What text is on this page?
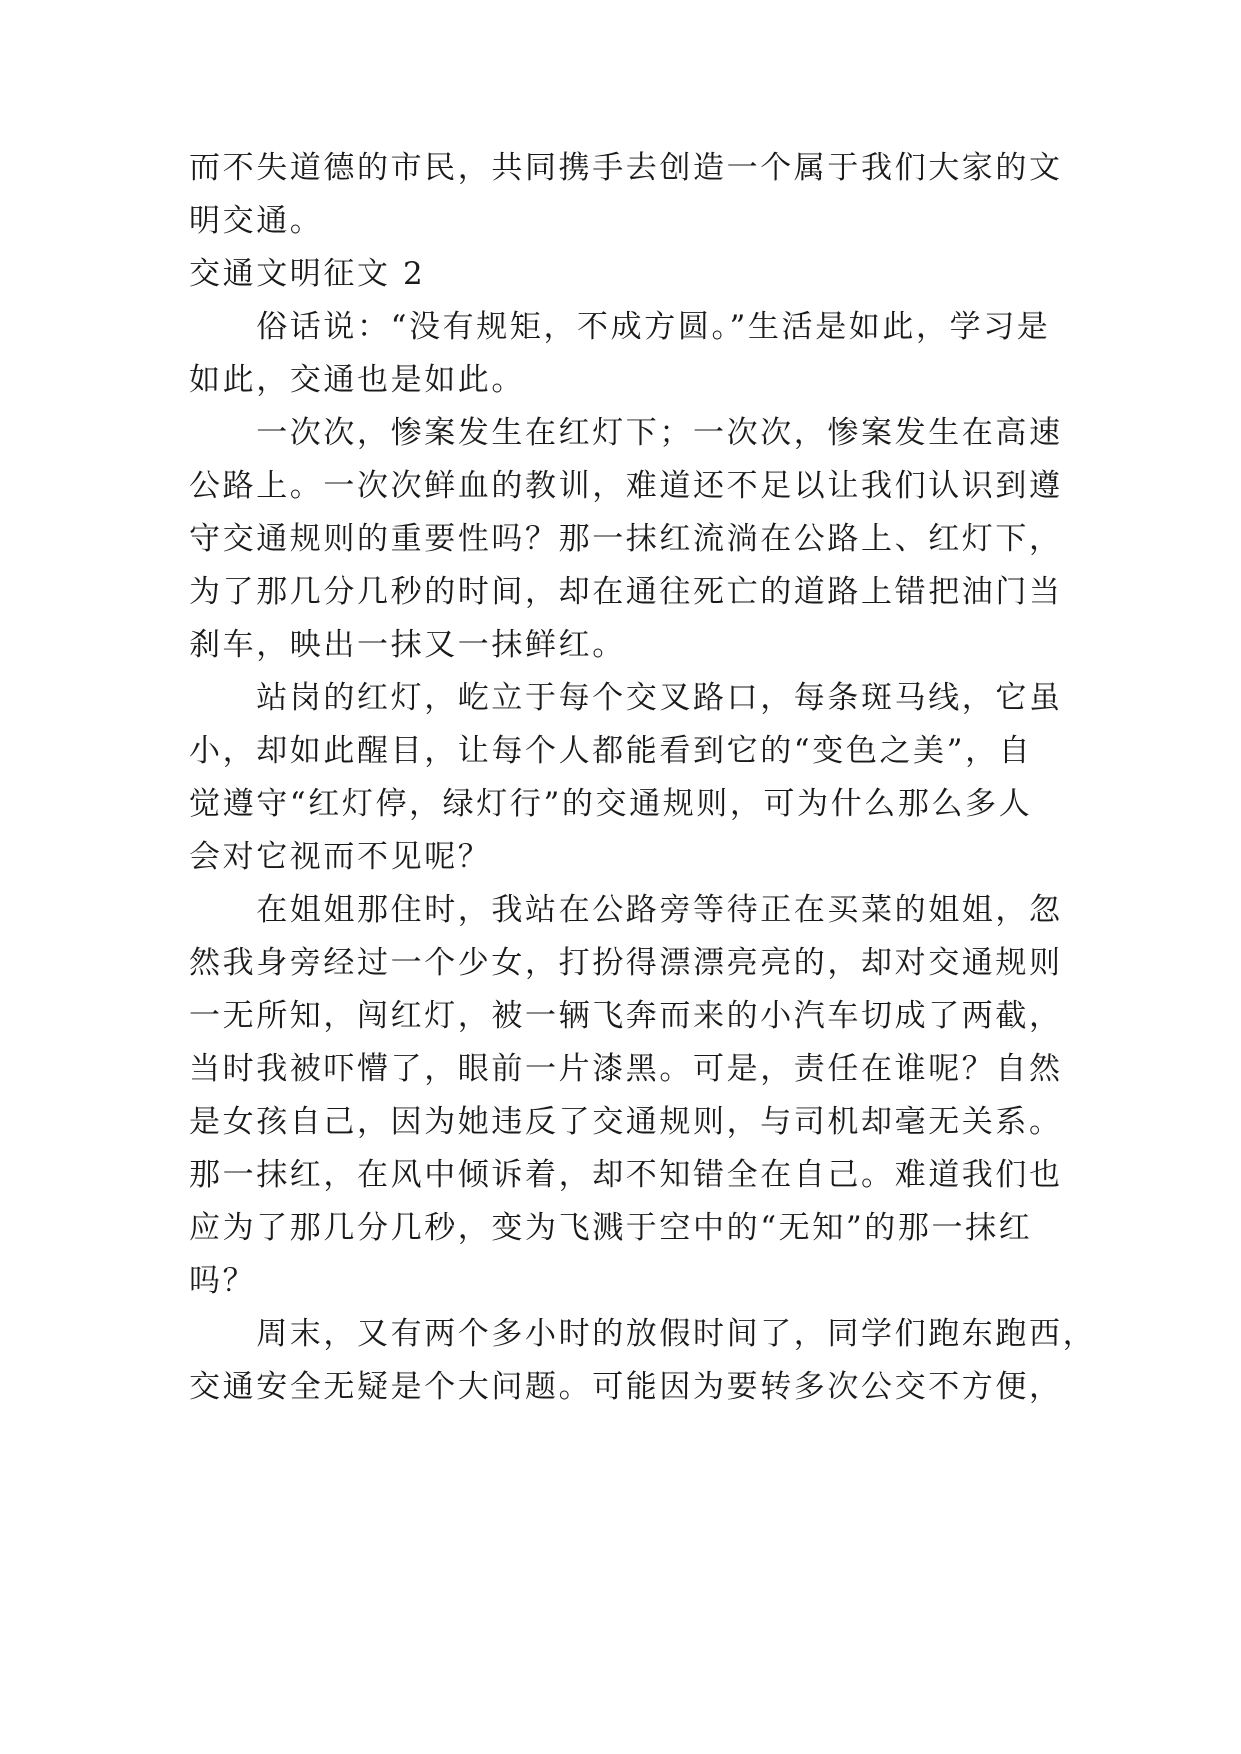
而不失道德的市民，共同携手去创造一个属于我们大家的文
明交通。
交通文明征文 2
　　俗话说：“没有规矩，不成方圆。”生活是如此，学习是
如此，交通也是如此。
　　一次次，惨案发生在红灯下；一次次，惨案发生在高速
公路上。一次次鲜血的教训，难道还不足以让我们认识到遵
守交通规则的重要性吗？那一抹红流淌在公路上、红灯下，
为了那几分几秒的时间，却在通往死亡的道路上错把油门当
刹车，映出一抹又一抹鲜红。
　　站岗的红灯，屹立于每个交叉路口，每条斑马线，它虽
小，却如此醒目，让每个人都能看到它的“变色之美”，自
觉遵守“红灯停，绿灯行”的交通规则，可为什么那么多人
会对它视而不见呢？
　　在姐姐那住时，我站在公路旁等待正在买菜的姐姐，忽
然我身旁经过一个少女，打扮得漂漂亮亮的，却对交通规则
一无所知，闯红灯，被一辆飞奔而来的小汽车切成了两截，
当时我被吓懵了，眼前一片漆黑。可是，责任在谁呢？自然
是女孩自己，因为她违反了交通规则，与司机却毫无关系。
那一抹红，在风中倾诉着，却不知错全在自己。难道我们也
应为了那几分几秒，变为飞溅于空中的“无知”的那一抹红
吗？
　　周末，又有两个多小时的放假时间了，同学们跑东跑西，
交通安全无疑是个大问题。可能因为要转多次公交不方便，
